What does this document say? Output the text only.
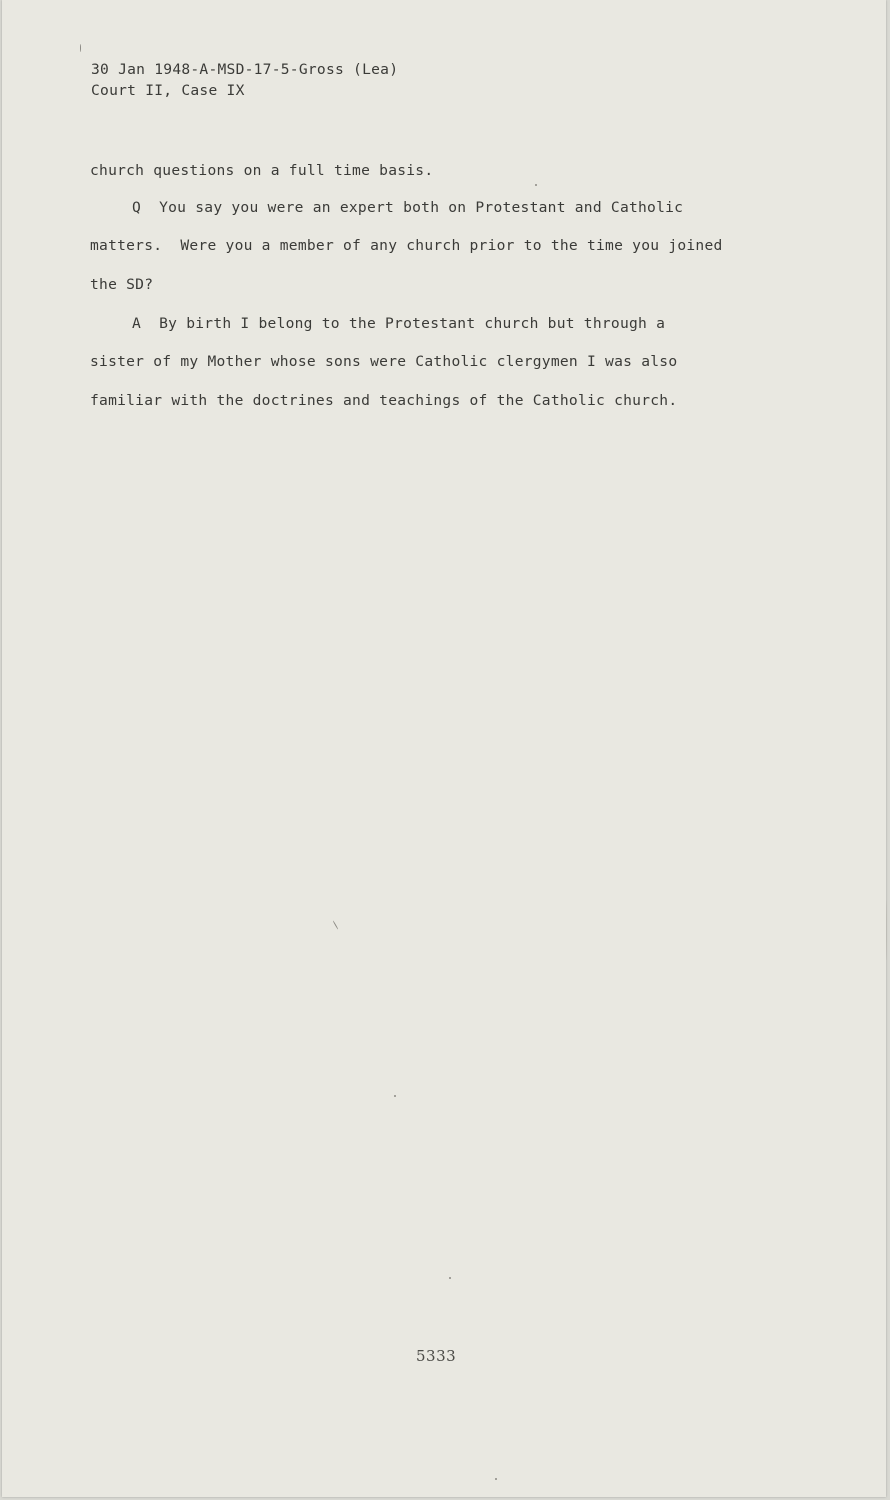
30 Jan 1948-A-MSD-17-5-Gross (Lea)
Court II, Case IX
church questions on a full time basis.
Q  You say you were an expert both on Protestant and Catholic
matters.  Were you a member of any church prior to the time you joined
the SD?
A  By birth I belong to the Protestant church but through a
sister of my Mother whose sons were Catholic clergymen I was also
familiar with the doctrines and teachings of the Catholic church.
5333
